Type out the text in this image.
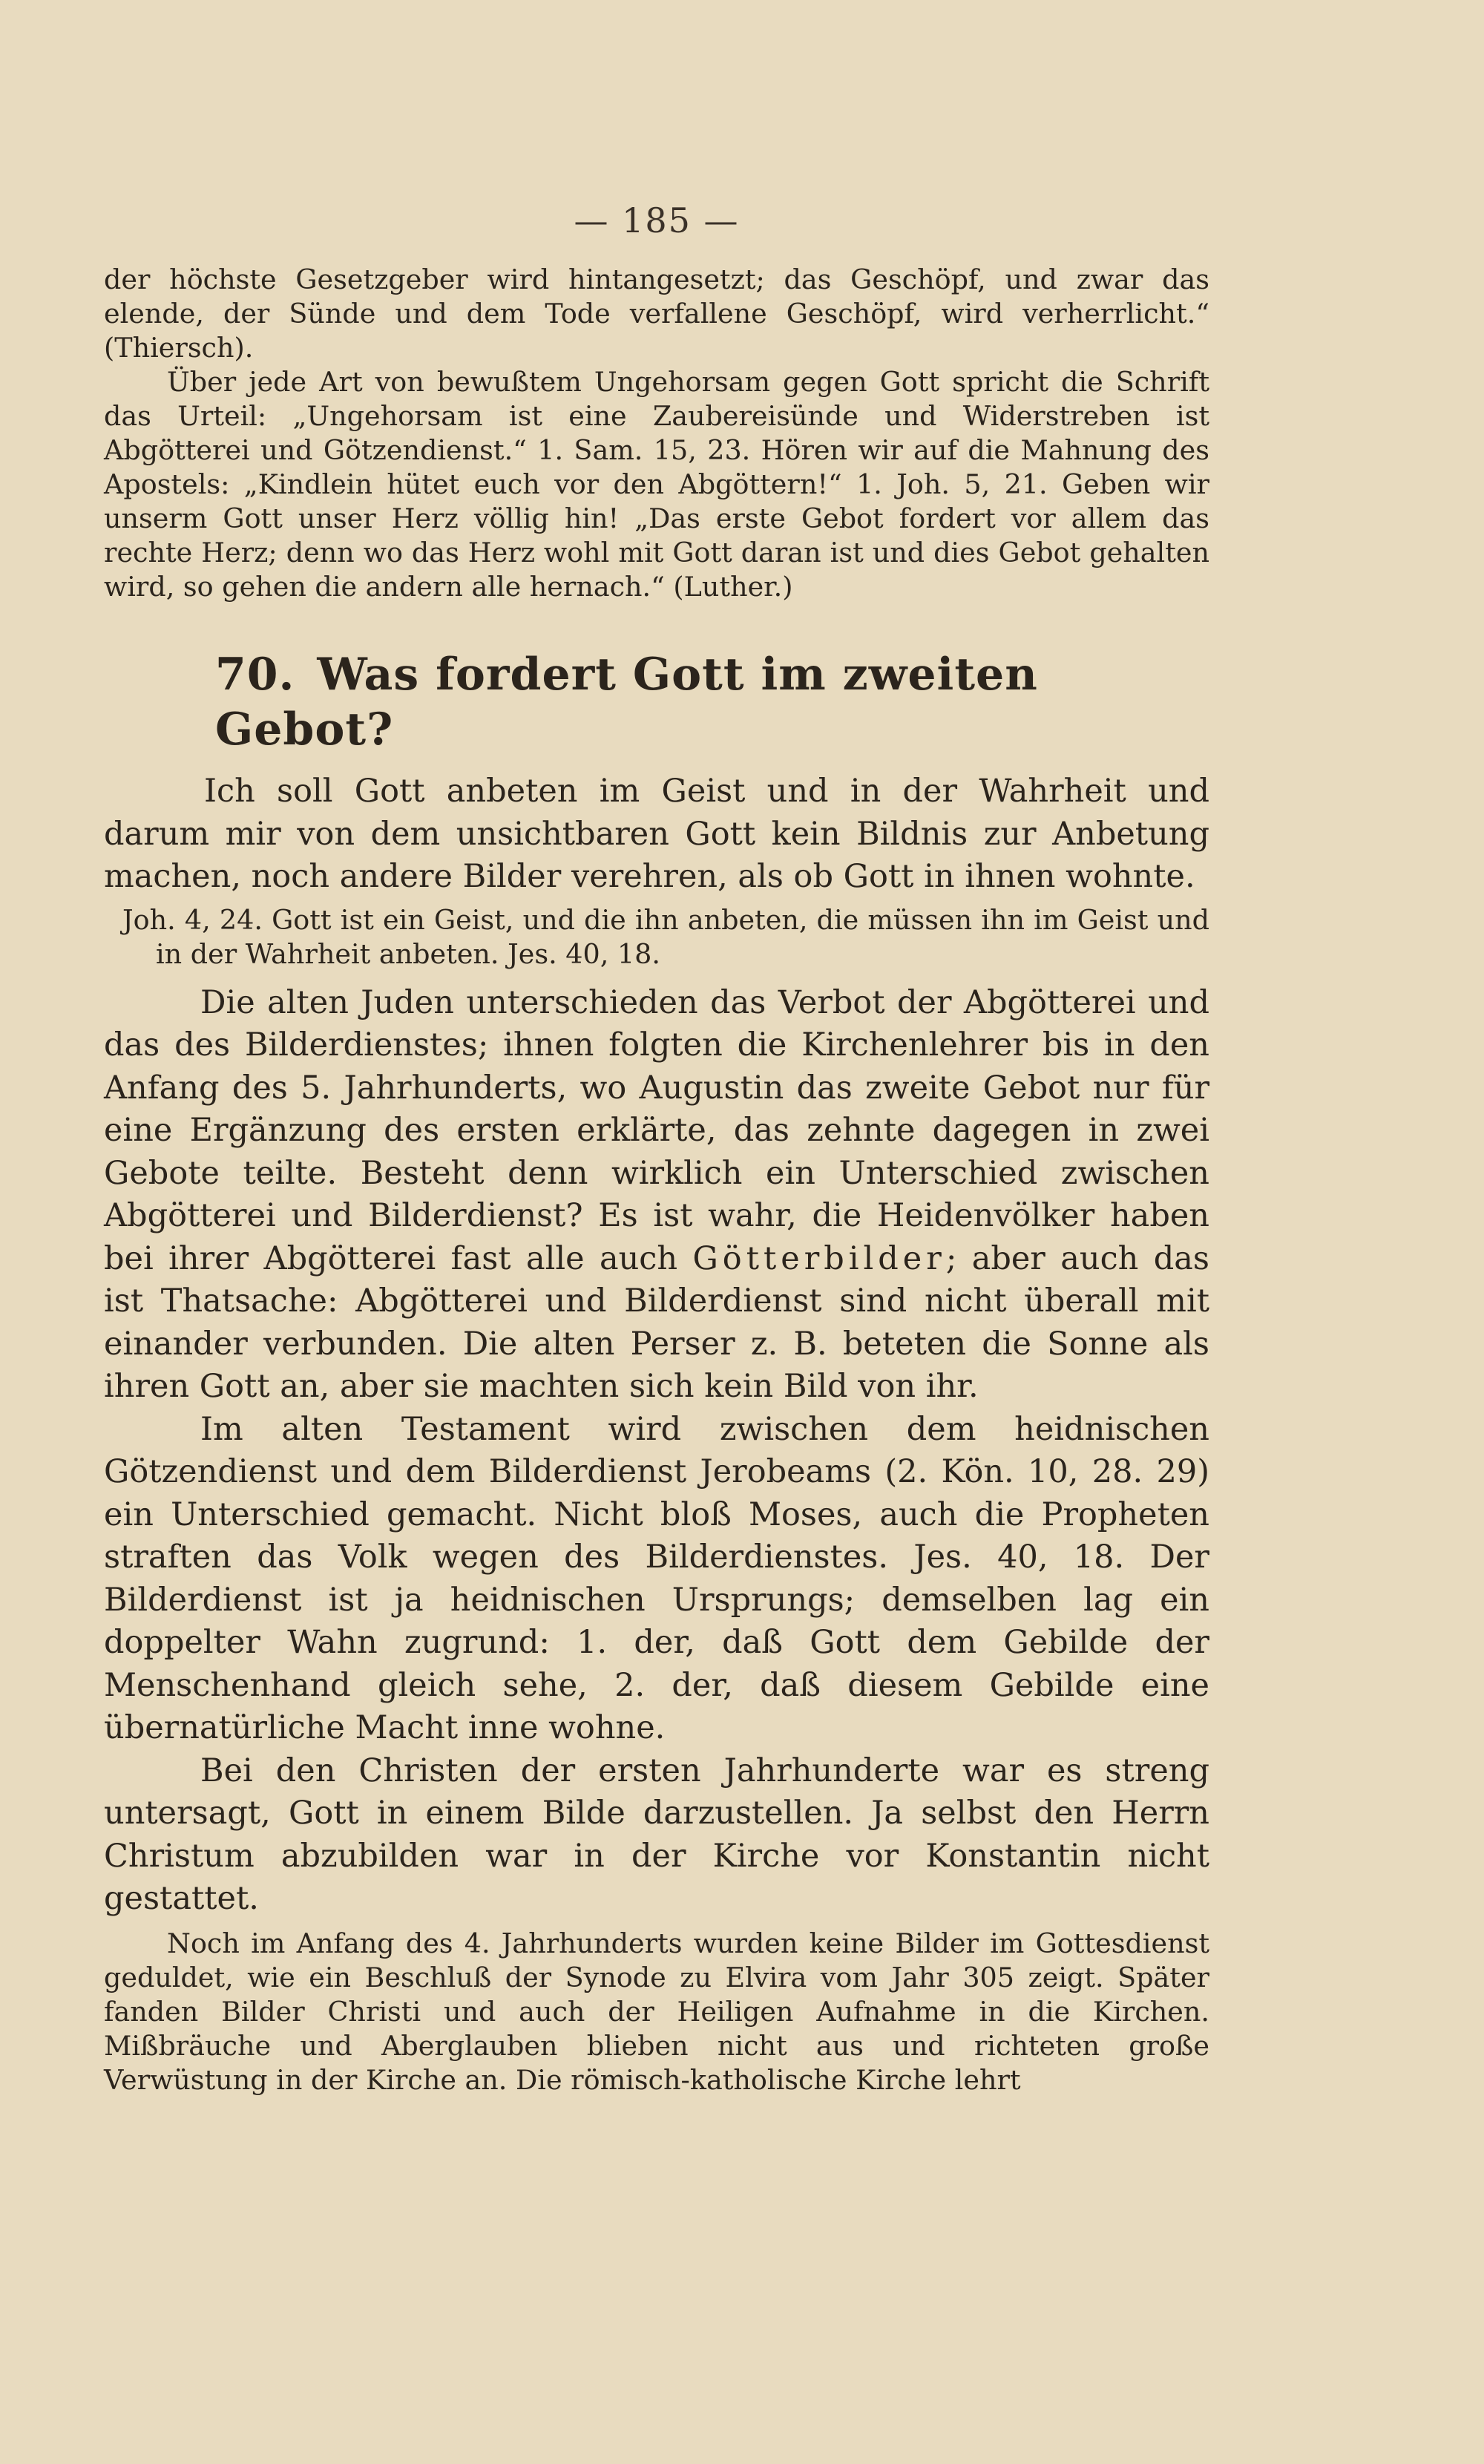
— 185 —

der höchste Gesetzgeber wird hintangesetzt; das Geschöpf, und zwar das elende, der Sünde und dem Tode verfallene Geschöpf, wird verherrlicht.“ (Thiersch).

Über jede Art von bewußtem Ungehorsam gegen Gott spricht die Schrift das Urteil: „Ungehorsam ist eine Zaubereisünde und Widerstreben ist Abgötterei und Götzendienst.“ 1. Sam. 15, 23. Hören wir auf die Mahnung des Apostels: „Kindlein hütet euch vor den Abgöttern!“ 1. Joh. 5, 21. Geben wir unserm Gott unser Herz völlig hin! „Das erste Gebot fordert vor allem das rechte Herz; denn wo das Herz wohl mit Gott daran ist und dies Gebot gehalten wird, so gehen die andern alle hernach.“ (Luther.)

70. Was fordert Gott im zweiten Gebot?

Ich soll Gott anbeten im Geist und in der Wahrheit und darum mir von dem unsichtbaren Gott kein Bildnis zur Anbetung machen, noch andere Bilder verehren, als ob Gott in ihnen wohnte.

Joh. 4, 24. Gott ist ein Geist, und die ihn anbeten, die müssen ihn im Geist und in der Wahrheit anbeten. Jes. 40, 18.

Die alten Juden unterschieden das Verbot der Abgötterei und das des Bilderdienstes; ihnen folgten die Kirchenlehrer bis in den Anfang des 5. Jahrhunderts, wo Augustin das zweite Gebot nur für eine Ergänzung des ersten erklärte, das zehnte dagegen in zwei Gebote teilte. Besteht denn wirklich ein Unterschied zwischen Abgötterei und Bilderdienst? Es ist wahr, die Heidenvölker haben bei ihrer Abgötterei fast alle auch Götterbilder; aber auch das ist Thatsache: Abgötterei und Bilderdienst sind nicht überall mit einander verbunden. Die alten Perser z. B. beteten die Sonne als ihren Gott an, aber sie machten sich kein Bild von ihr.

Im alten Testament wird zwischen dem heidnischen Götzendienst und dem Bilderdienst Jerobeams (2. Kön. 10, 28. 29) ein Unterschied gemacht. Nicht bloß Moses, auch die Propheten straften das Volk wegen des Bilderdienstes. Jes. 40, 18. Der Bilderdienst ist ja heidnischen Ursprungs; demselben lag ein doppelter Wahn zugrund: 1. der, daß Gott dem Gebilde der Menschenhand gleich sehe, 2. der, daß diesem Gebilde eine übernatürliche Macht inne wohne.

Bei den Christen der ersten Jahrhunderte war es streng untersagt, Gott in einem Bilde darzustellen. Ja selbst den Herrn Christum abzubilden war in der Kirche vor Konstantin nicht gestattet.

Noch im Anfang des 4. Jahrhunderts wurden keine Bilder im Gottesdienst geduldet, wie ein Beschluß der Synode zu Elvira vom Jahr 305 zeigt. Später fanden Bilder Christi und auch der Heiligen Aufnahme in die Kirchen. Mißbräuche und Aberglauben blieben nicht aus und richteten große Verwüstung in der Kirche an. Die römisch-katholische Kirche lehrt
